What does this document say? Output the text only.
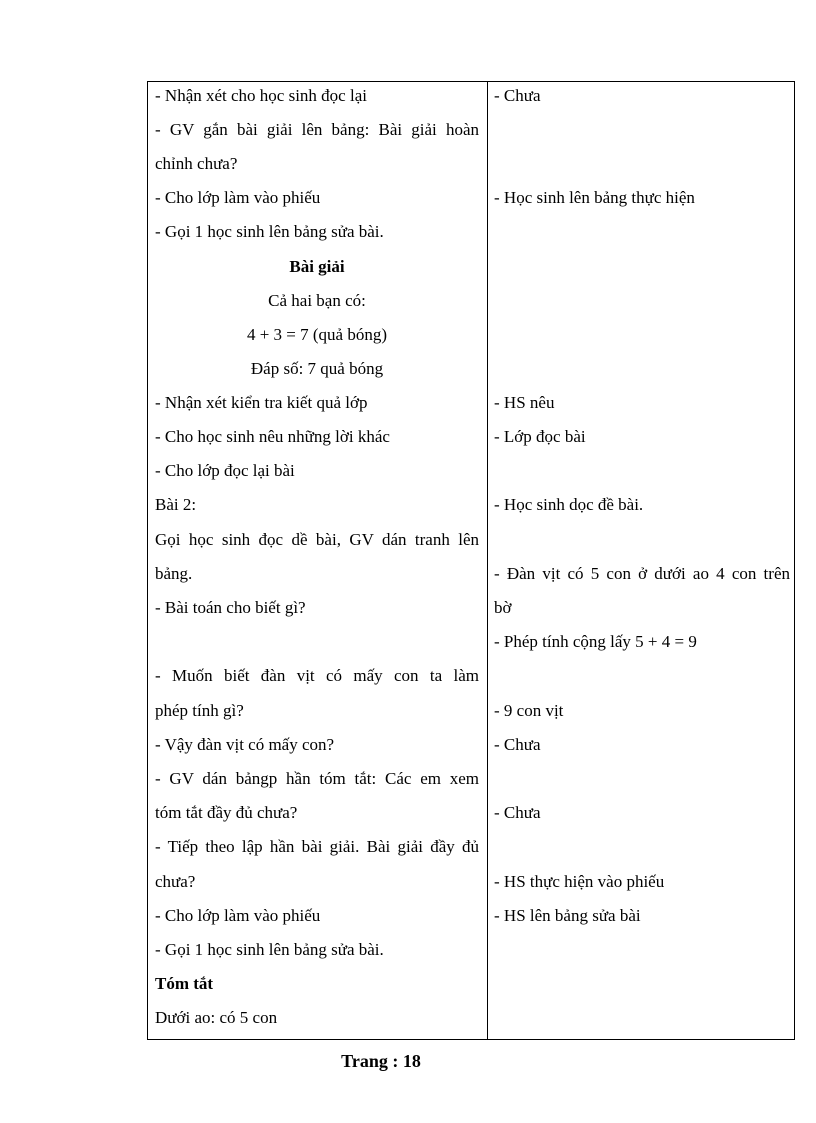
- Nhận xét cho học sinh đọc lại
- GV gắn bài giải lên bảng: Bài giải hoàn
chỉnh chưa?
- Cho lớp làm vào phiếu
- Gọi 1 học sinh lên bảng sửa bài.
Bài giải
Cả hai bạn có:
4 + 3 = 7 (quả bóng)
Đáp số: 7 quả bóng
- Nhận xét kiển tra kiết quả lớp
- Cho học sinh nêu những lời khác
- Cho lớp đọc lại bài
Bài 2:
Gọi học sinh đọc dề bài, GV dán tranh lên
bảng.
- Bài toán cho biết gì?
- Muốn biết đàn vịt có mấy con ta làm
phép tính gì?
- Vậy đàn vịt có mấy con?
- GV dán bảngp hần tóm tắt: Các em xem
tóm tắt đầy đủ chưa?
- Tiếp theo lập hần bài giải. Bài giải đầy đủ
chưa?
- Cho lớp làm vào phiếu
- Gọi 1 học sinh lên bảng sửa bài.
Tóm tắt
Dưới ao: có 5 con
- Chưa
- Học sinh lên bảng thực hiện
- HS nêu
- Lớp đọc bài
- Học sinh dọc đề bài.
- Đàn vịt có 5 con ở dưới ao 4 con trên
bờ
- Phép tính cộng lấy 5 + 4 = 9
- 9 con vịt
- Chưa
- Chưa
- HS thực hiện vào phiếu
- HS lên bảng sửa bài
Trang : 18
